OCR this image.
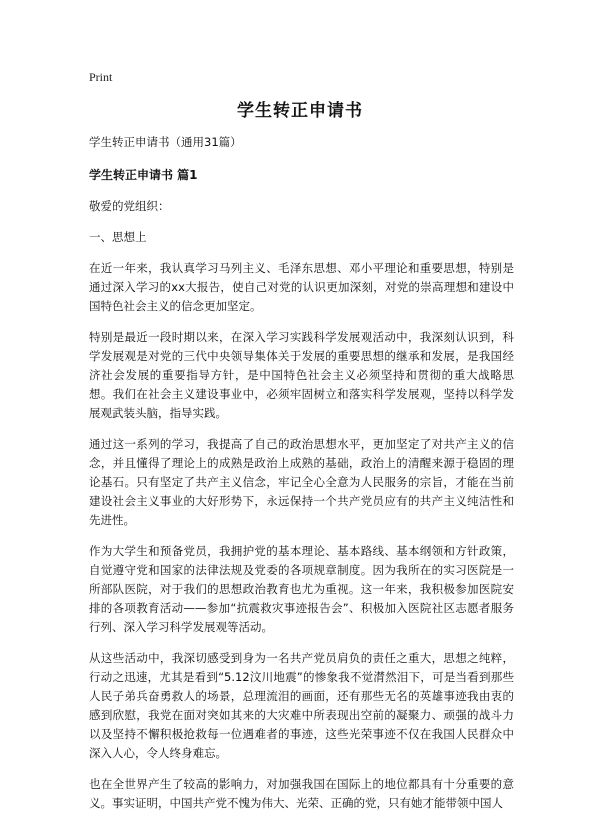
Print
学生转正申请书

学生转正申请书（通用31篇）

学生转正申请书 篇1

敬爱的党组织：

一、思想上

在近一年来，我认真学习马列主义、毛泽东思想、邓小平理论和重要思想，特别是通过深入学习的xx大报告，使自己对党的认识更加深刻，对党的崇高理想和建设中国特色社会主义的信念更加坚定。

特别是最近一段时期以来，在深入学习实践科学发展观活动中，我深刻认识到，科学发展观是对党的三代中央领导集体关于发展的重要思想的继承和发展，是我国经济社会发展的重要指导方针，是中国特色社会主义必须坚持和贯彻的重大战略思想。我们在社会主义建设事业中，必须牢固树立和落实科学发展观，坚持以科学发展观武装头脑，指导实践。

通过这一系列的学习，我提高了自己的政治思想水平，更加坚定了对共产主义的信念，并且懂得了理论上的成熟是政治上成熟的基础，政治上的清醒来源于稳固的理论基石。只有坚定了共产主义信念，牢记全心全意为人民服务的宗旨，才能在当前建设社会主义事业的大好形势下，永远保持一个共产党员应有的共产主义纯洁性和先进性。

作为大学生和预备党员，我拥护党的基本理论、基本路线、基本纲领和方针政策，自觉遵守党和国家的法律法规及党委的各项规章制度。因为我所在的实习医院是一所部队医院，对于我们的思想政治教育也尤为重视。这一年来，我积极参加医院安排的各项教育活动——参加“抗震救灾事迹报告会”、积极加入医院社区志愿者服务行列、深入学习科学发展观等活动。

从这些活动中，我深切感受到身为一名共产党员肩负的责任之重大，思想之纯粹，行动之迅速，尤其是看到“5.12汶川地震”的惨象我不觉潸然泪下，可是当看到那些人民子弟兵奋勇救人的场景，总理流泪的画面，还有那些无名的英雄事迹我由衷的感到欣慰，我党在面对突如其来的大灾难中所表现出空前的凝聚力、顽强的战斗力以及坚持不懈积极抢救每一位遇难者的事迹，这些光荣事迹不仅在我国人民群众中深入人心，令人终身难忘。

也在全世界产生了较高的影响力，对加强我国在国际上的地位都具有十分重要的意义。事实证明，中国共产党不愧为伟大、光荣、正确的党，只有她才能带领中国人
